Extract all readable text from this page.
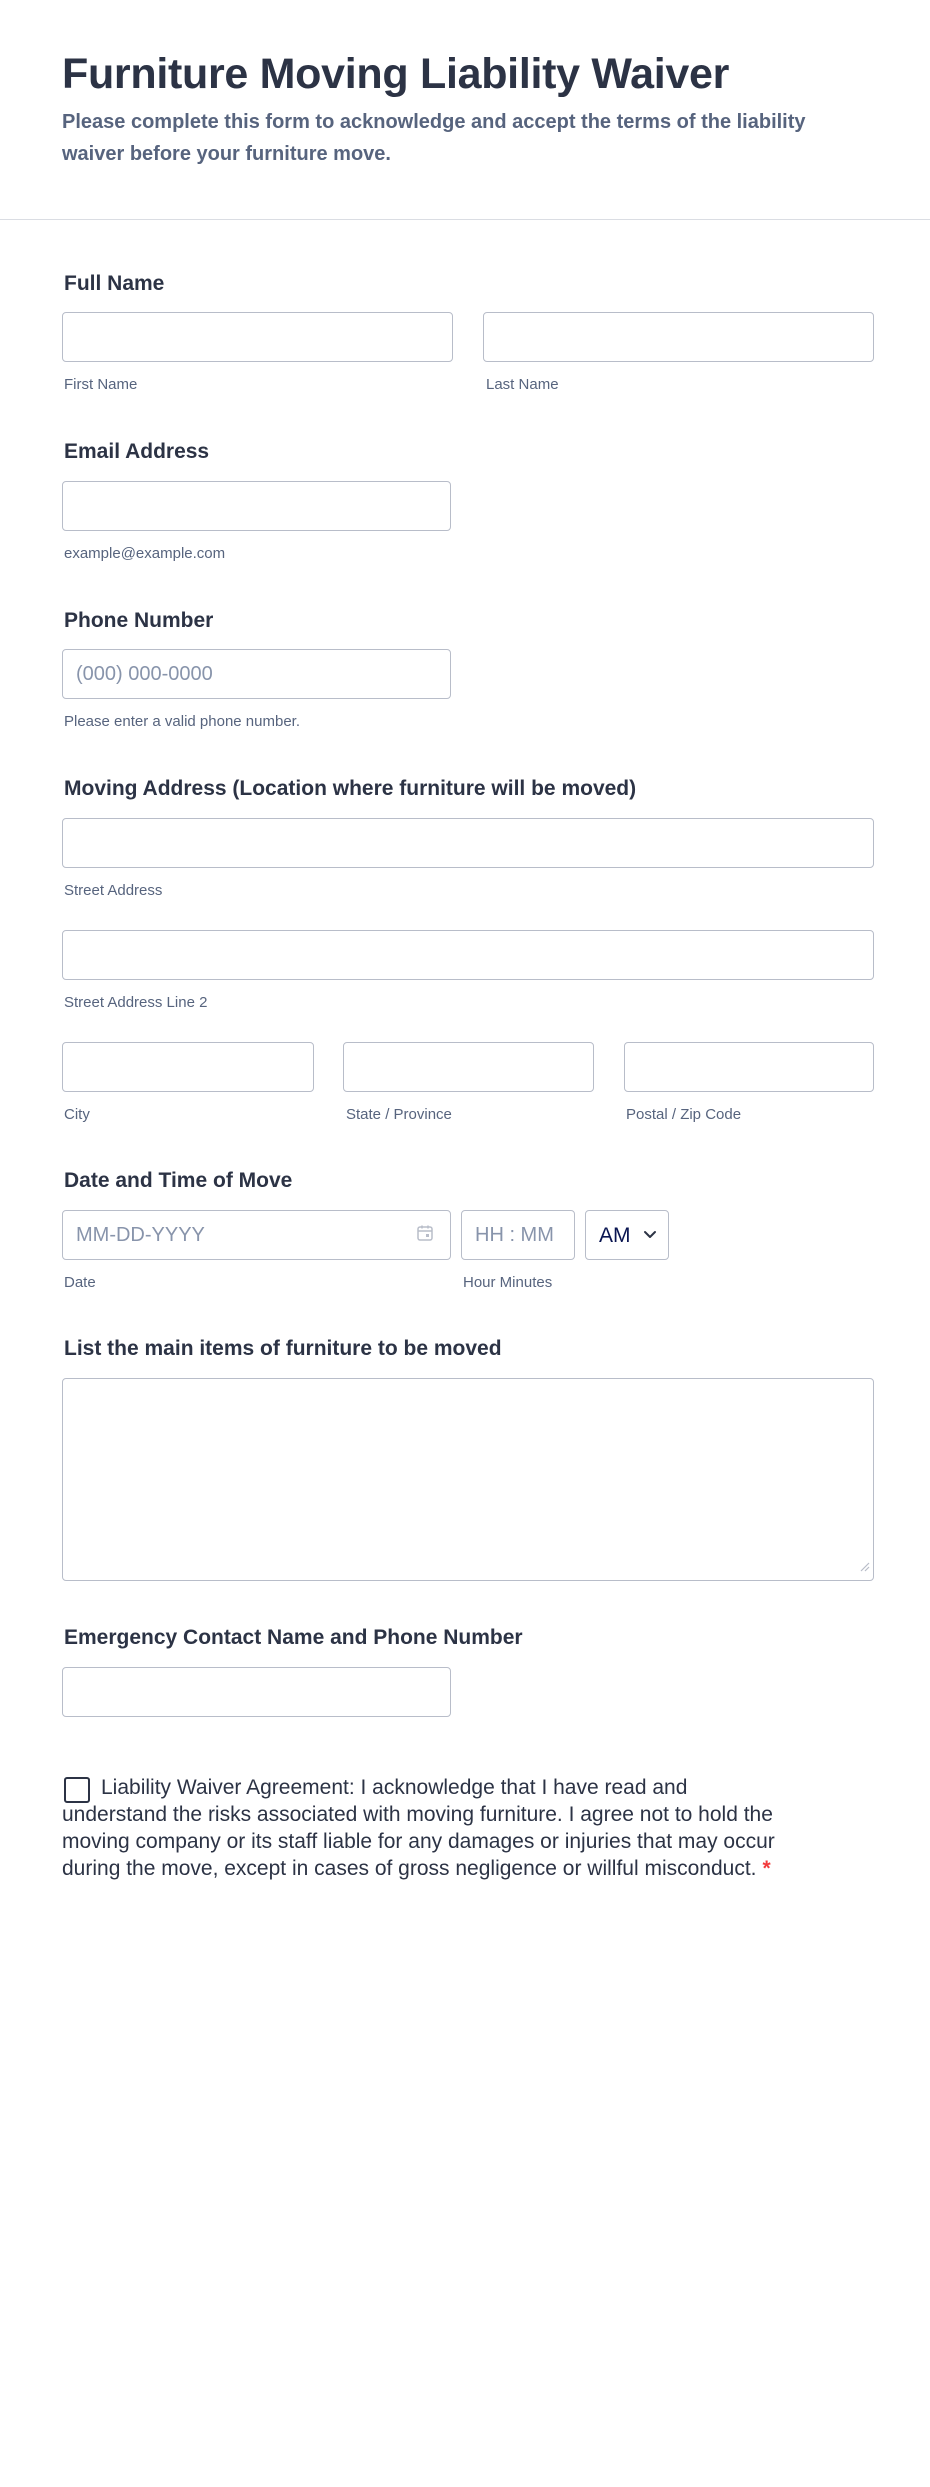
Furniture Moving Liability Waiver

Please complete this form to acknowledge and accept the terms of the liability waiver before your furniture move.

Full Name
First Name	Last Name
Email Address
example@example.com
Phone Number
(000) 000-0000
Please enter a valid phone number.
Moving Address (Location where furniture will be moved)
Street Address
Street Address Line 2
City	State / Province	Postal / Zip Code
Date and Time of Move
MM-DD-YYYY
HH : MM
AM
Date	Hour Minutes
List the main items of furniture to be moved
Emergency Contact Name and Phone Number
Liability Waiver Agreement: I acknowledge that I have read and understand the risks associated with moving furniture. I agree not to hold the moving company or its staff liable for any damages or injuries that may occur during the move, except in cases of gross negligence or willful misconduct. *
